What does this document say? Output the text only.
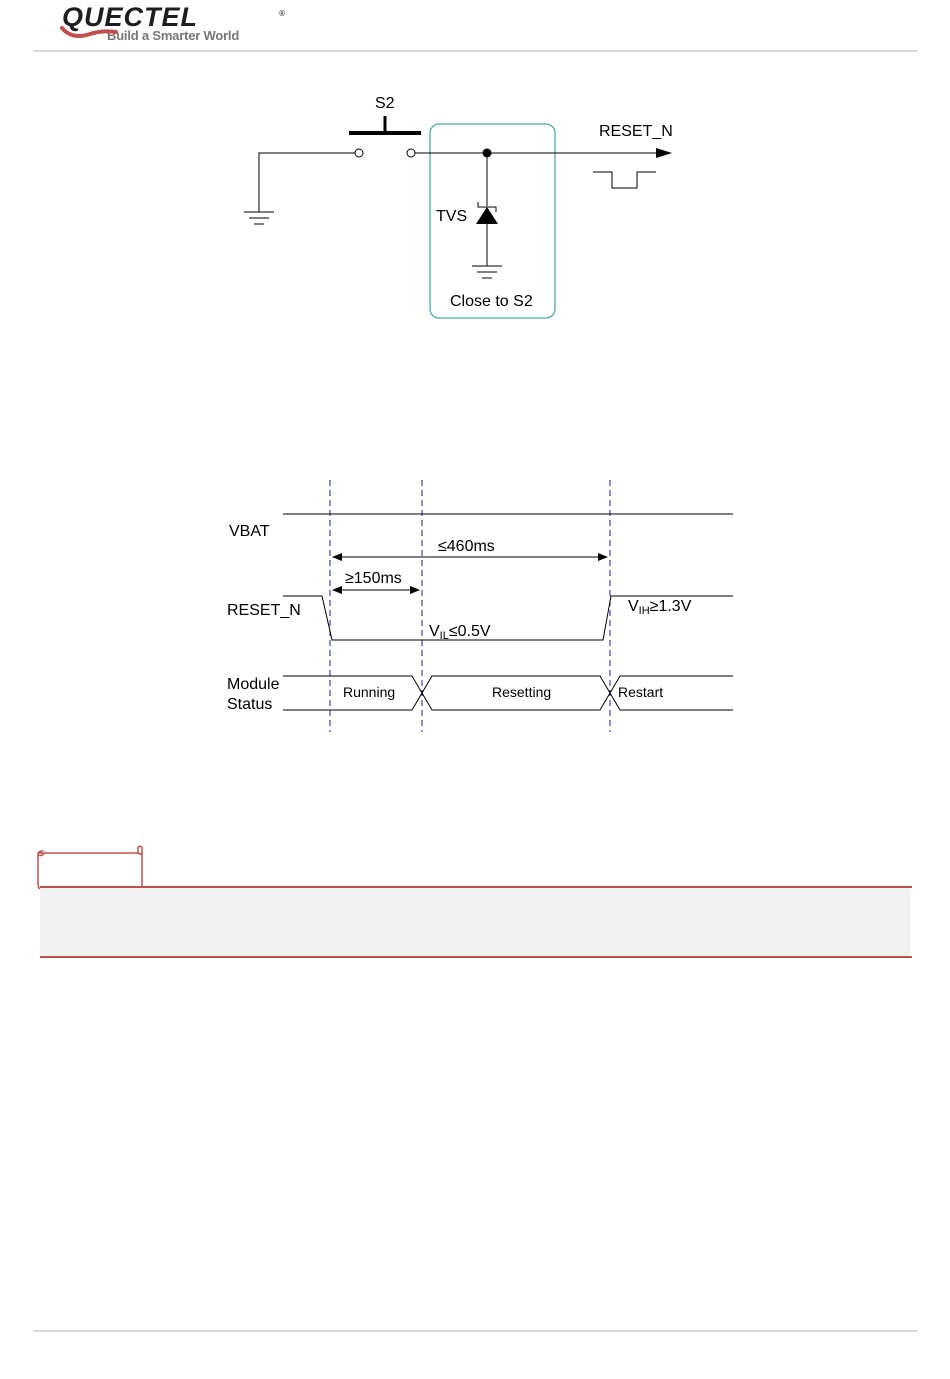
QUECTEL	®
Build a Smarter World
S2
RESET_N
TVS
Close to S2
VBAT
≤460ms
≥150ms
RESET_N
VIL≤0.5V
VIH≥1.3V
Module
Status
Running	Resetting	Restart
